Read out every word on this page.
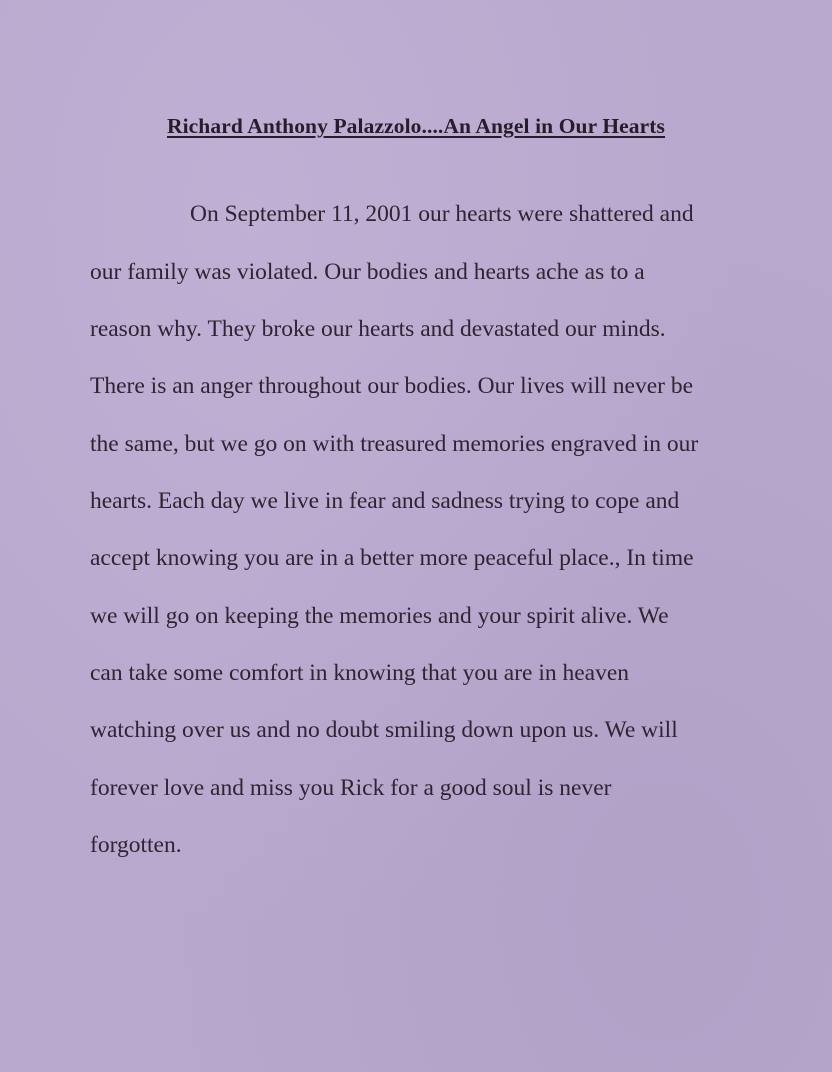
Richard Anthony Palazzolo....An Angel in Our Hearts
On September 11, 2001 our hearts were shattered and
our family was violated. Our bodies and hearts ache as to a
reason why. They broke our hearts and devastated our minds.
There is an anger throughout our bodies. Our lives will never be
the same, but we go on with treasured memories engraved in our
hearts. Each day we live in fear and sadness trying to cope and
accept knowing you are in a better more peaceful place., In time
we will go on keeping the memories and your spirit alive. We
can take some comfort in knowing that you are in heaven
watching over us and no doubt smiling down upon us. We will
forever love and miss you Rick for a good soul is never
forgotten.
